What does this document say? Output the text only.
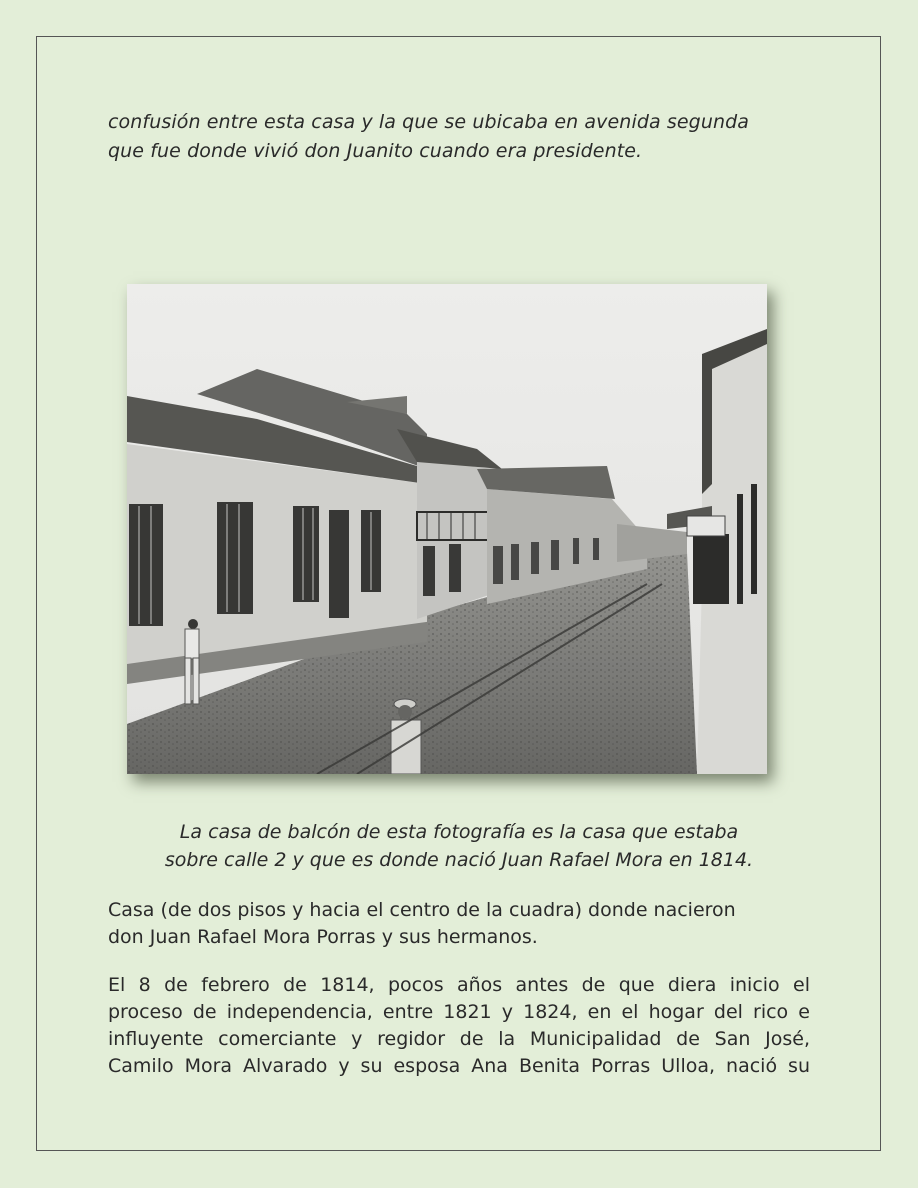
confusión entre esta casa y la que se ubicaba en avenida segunda
que fue donde vivió don Juanito cuando era presidente.
La casa de balcón de esta fotografía es la casa que estaba
sobre calle 2 y que es donde nació Juan Rafael Mora en 1814.
Casa (de dos pisos y hacia el centro de la cuadra) donde nacieron
don Juan Rafael Mora Porras y sus hermanos.
El 8 de febrero de 1814, pocos años antes de que diera inicio el
proceso de independencia, entre 1821 y 1824, en el hogar del rico e
influyente comerciante y regidor de la Municipalidad de San José,
Camilo Mora Alvarado y su esposa Ana Benita Porras Ulloa, nació su
